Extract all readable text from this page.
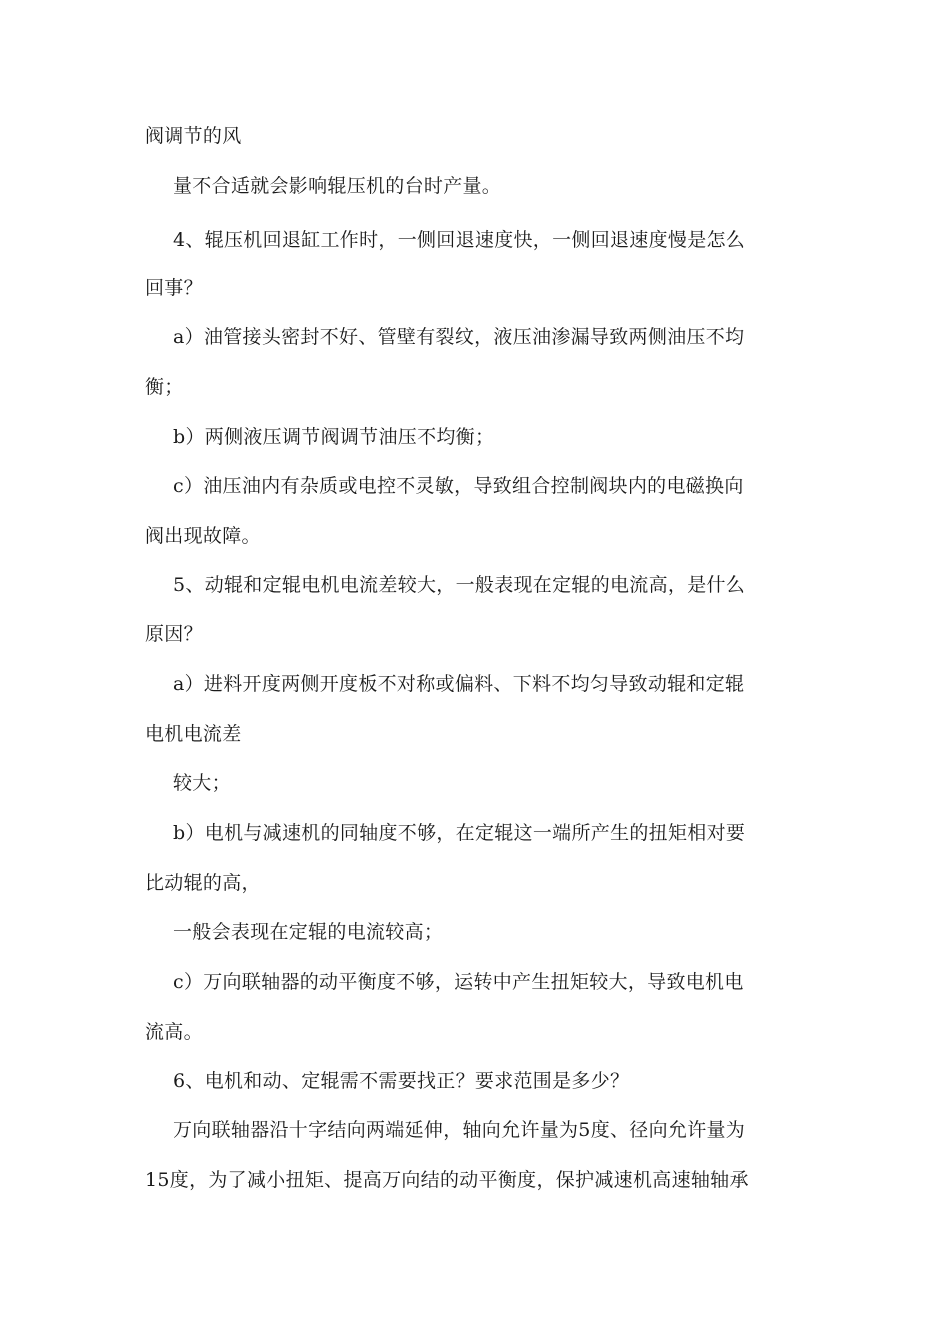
阀调节的风
量不合适就会影响辊压机的台时产量。
4、辊压机回退缸工作时，一侧回退速度快，一侧回退速度慢是怎么
回事？
a）油管接头密封不好、管壁有裂纹，液压油渗漏导致两侧油压不均
衡；
b）两侧液压调节阀调节油压不均衡；
c）油压油内有杂质或电控不灵敏，导致组合控制阀块内的电磁换向
阀出现故障。
5、动辊和定辊电机电流差较大，一般表现在定辊的电流高，是什么
原因？
a）进料开度两侧开度板不对称或偏料、下料不均匀导致动辊和定辊
电机电流差
较大；
b）电机与减速机的同轴度不够，在定辊这一端所产生的扭矩相对要
比动辊的高，
一般会表现在定辊的电流较高；
c）万向联轴器的动平衡度不够，运转中产生扭矩较大，导致电机电
流高。
6、电机和动、定辊需不需要找正？要求范围是多少？
万向联轴器沿十字结向两端延伸，轴向允许量为5度、径向允许量为
15度，为了减小扭矩、提高万向结的动平衡度，保护减速机高速轴轴承
